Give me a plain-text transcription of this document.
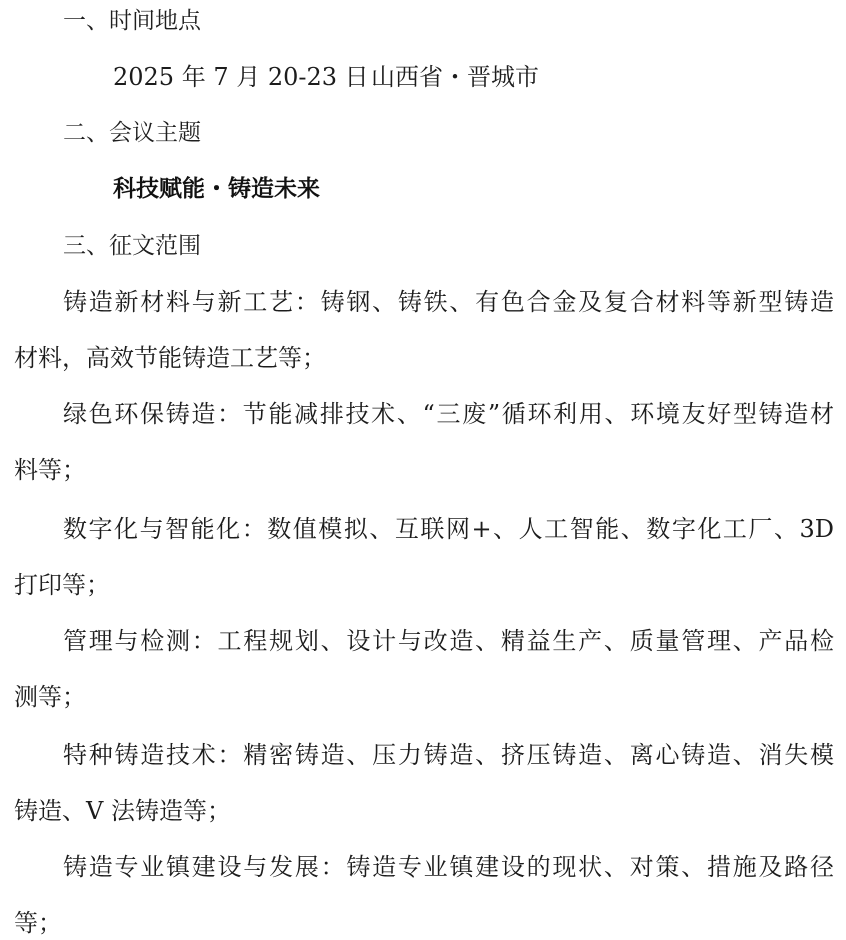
一、时间地点
2025 年 7 月 20-23 日 山西省・晋城市
二、会议主题
科技赋能・铸造未来
三、征文范围
铸造新材料与新工艺：铸钢、铸铁、有色合金及复合材料等新型铸造
材料，高效节能铸造工艺等；
绿色环保铸造：节能减排技术、“三废”循环利用、环境友好型铸造材
料等；
数字化与智能化：数值模拟、互联网+、人工智能、数字化工厂、3D
打印等；
管理与检测：工程规划、设计与改造、精益生产、质量管理、产品检
测等；
特种铸造技术：精密铸造、压力铸造、挤压铸造、离心铸造、消失模
铸造、V 法铸造等；
铸造专业镇建设与发展：铸造专业镇建设的现状、对策、措施及路径
等；
